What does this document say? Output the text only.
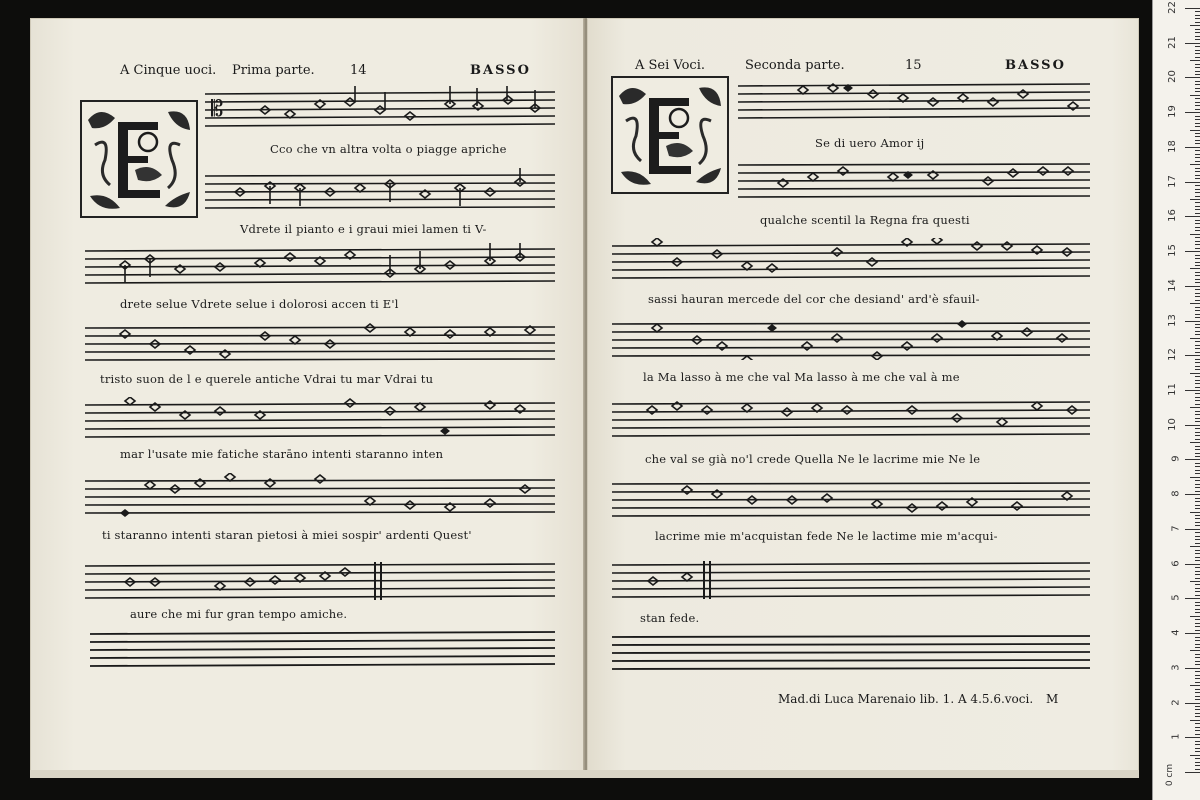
A Cinque uoci. Prima parte.	14	BASSO
𝄡
Cco che vn altra volta o piagge apriche
Vdrete il pianto e i graui miei lamen ti V-
drete selue Vdrete selue i dolorosi accen ti E'l
tristo suon de l e querele antiche Vdrai tu mar Vdrai tu
mar l'usate mie fatiche starāno intenti staranno inten
ti staranno intenti staran pietosi à miei sospir' ardenti Quest'
aure che mi fur gran tempo amiche.
A Sei Voci.	Seconda parte.	15	BASSO
Se di uero Amor ij
qualche scentil la Regna fra questi
sassi hauran mercede del cor che desiand' ard'è sfauil-
la Ma lasso à me che val Ma lasso à me che val à me
che val se già no'l crede Quella Ne le lacrime mie Ne le
lacrime mie m'acquistan fede Ne le lactime mie m'acqui-
stan fede.
Mad.di Luca Marenaio lib. 1. A 4.5.6.voci. M
1
2
3
4
5
6
7
8
9
10
11
12
13
14
15
16
17
18
19
20
21
22
0 cm
